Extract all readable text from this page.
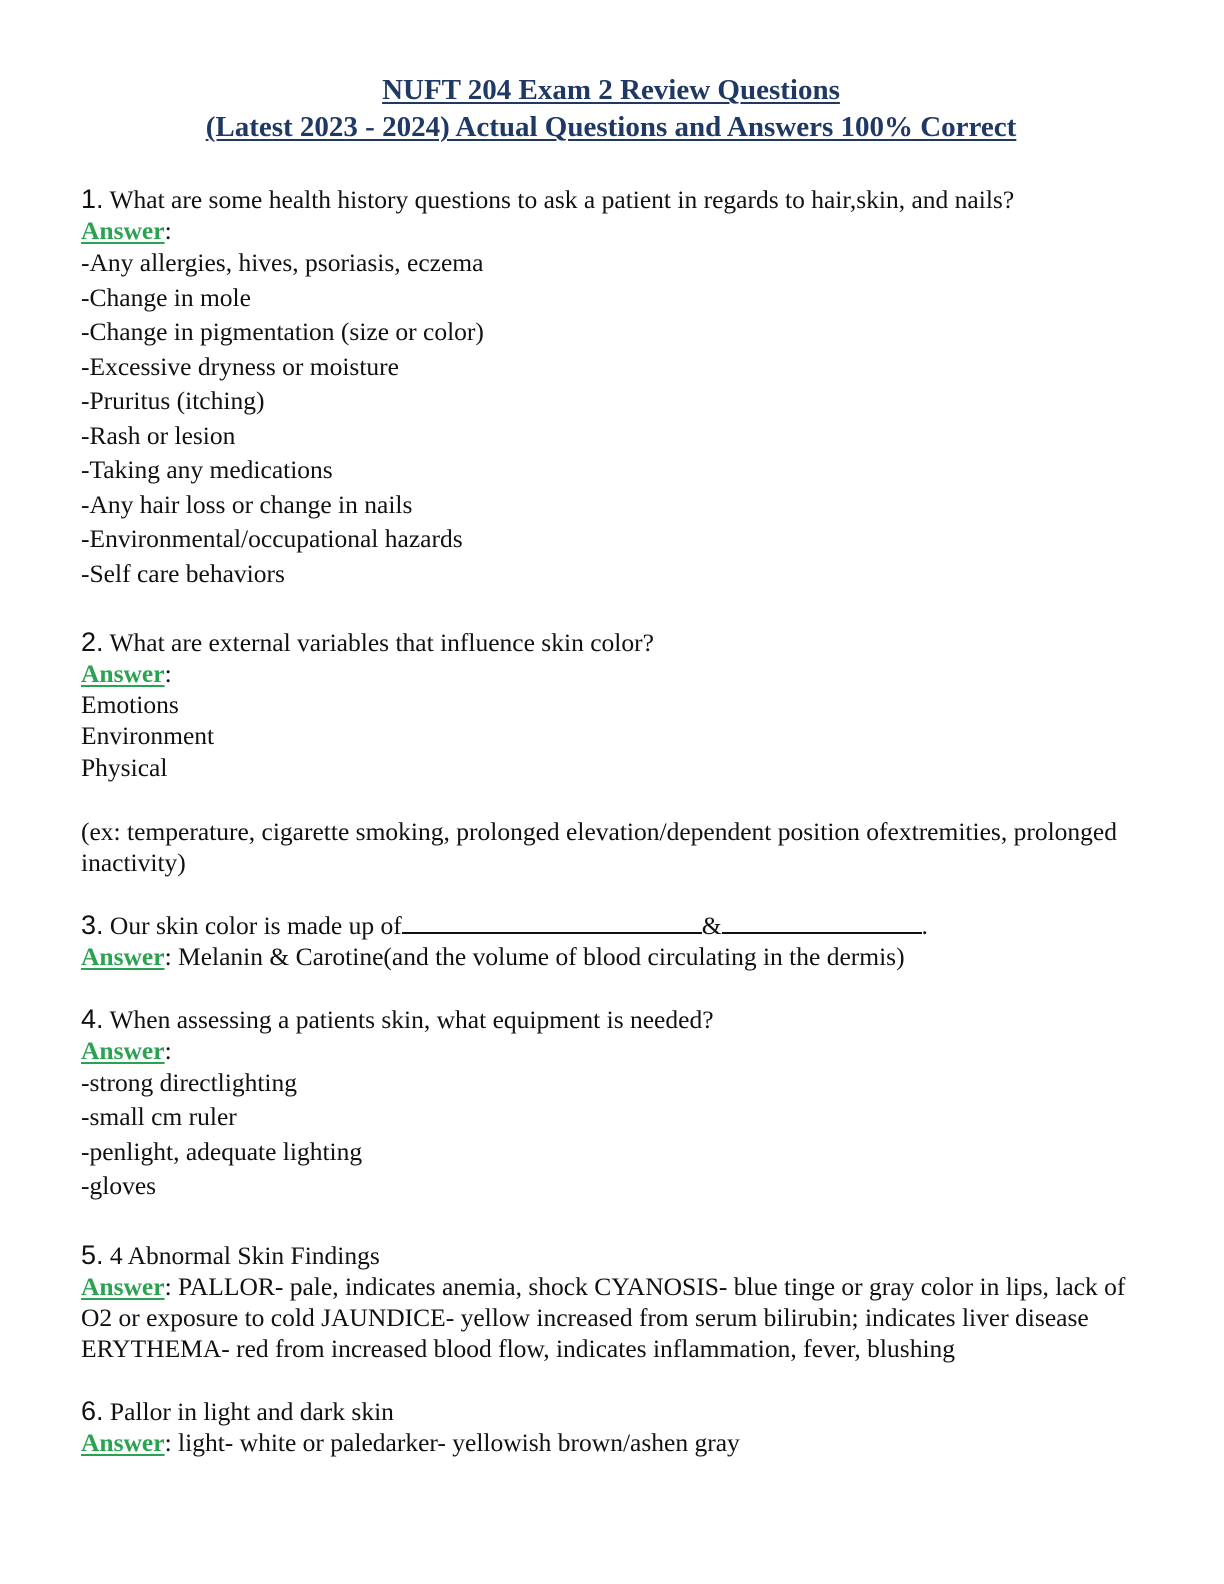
NUFT 204 Exam 2 Review Questions
(Latest 2023 - 2024) Actual Questions and Answers 100% Correct
1. What are some health history questions to ask a patient in regards to hair,skin, and nails?
Answer:
-Any allergies, hives, psoriasis, eczema
-Change in mole
-Change in pigmentation (size or color)
-Excessive dryness or moisture
-Pruritus (itching)
-Rash or lesion
-Taking any medications
-Any hair loss or change in nails
-Environmental/occupational hazards
-Self care behaviors
2. What are external variables that influence skin color?
Answer:
Emotions
Environment
Physical
(ex: temperature, cigarette smoking, prolonged elevation/dependent position ofextremities, prolonged inactivity)
3. Our skin color is made up of	&	.
Answer: Melanin & Carotine(and the volume of blood circulating in the dermis)
4. When assessing a patients skin, what equipment is needed?
Answer:
-strong directlighting
-small cm ruler
-penlight, adequate lighting
-gloves
5. 4 Abnormal Skin Findings
Answer: PALLOR- pale, indicates anemia, shock CYANOSIS- blue tinge or gray color in lips, lack of O2 or exposure to cold JAUNDICE- yellow increased from serum bilirubin; indicates liver disease ERYTHEMA- red from increased blood flow, indicates inflammation, fever, blushing
6. Pallor in light and dark skin
Answer: light- white or paledarker- yellowish brown/ashen gray
